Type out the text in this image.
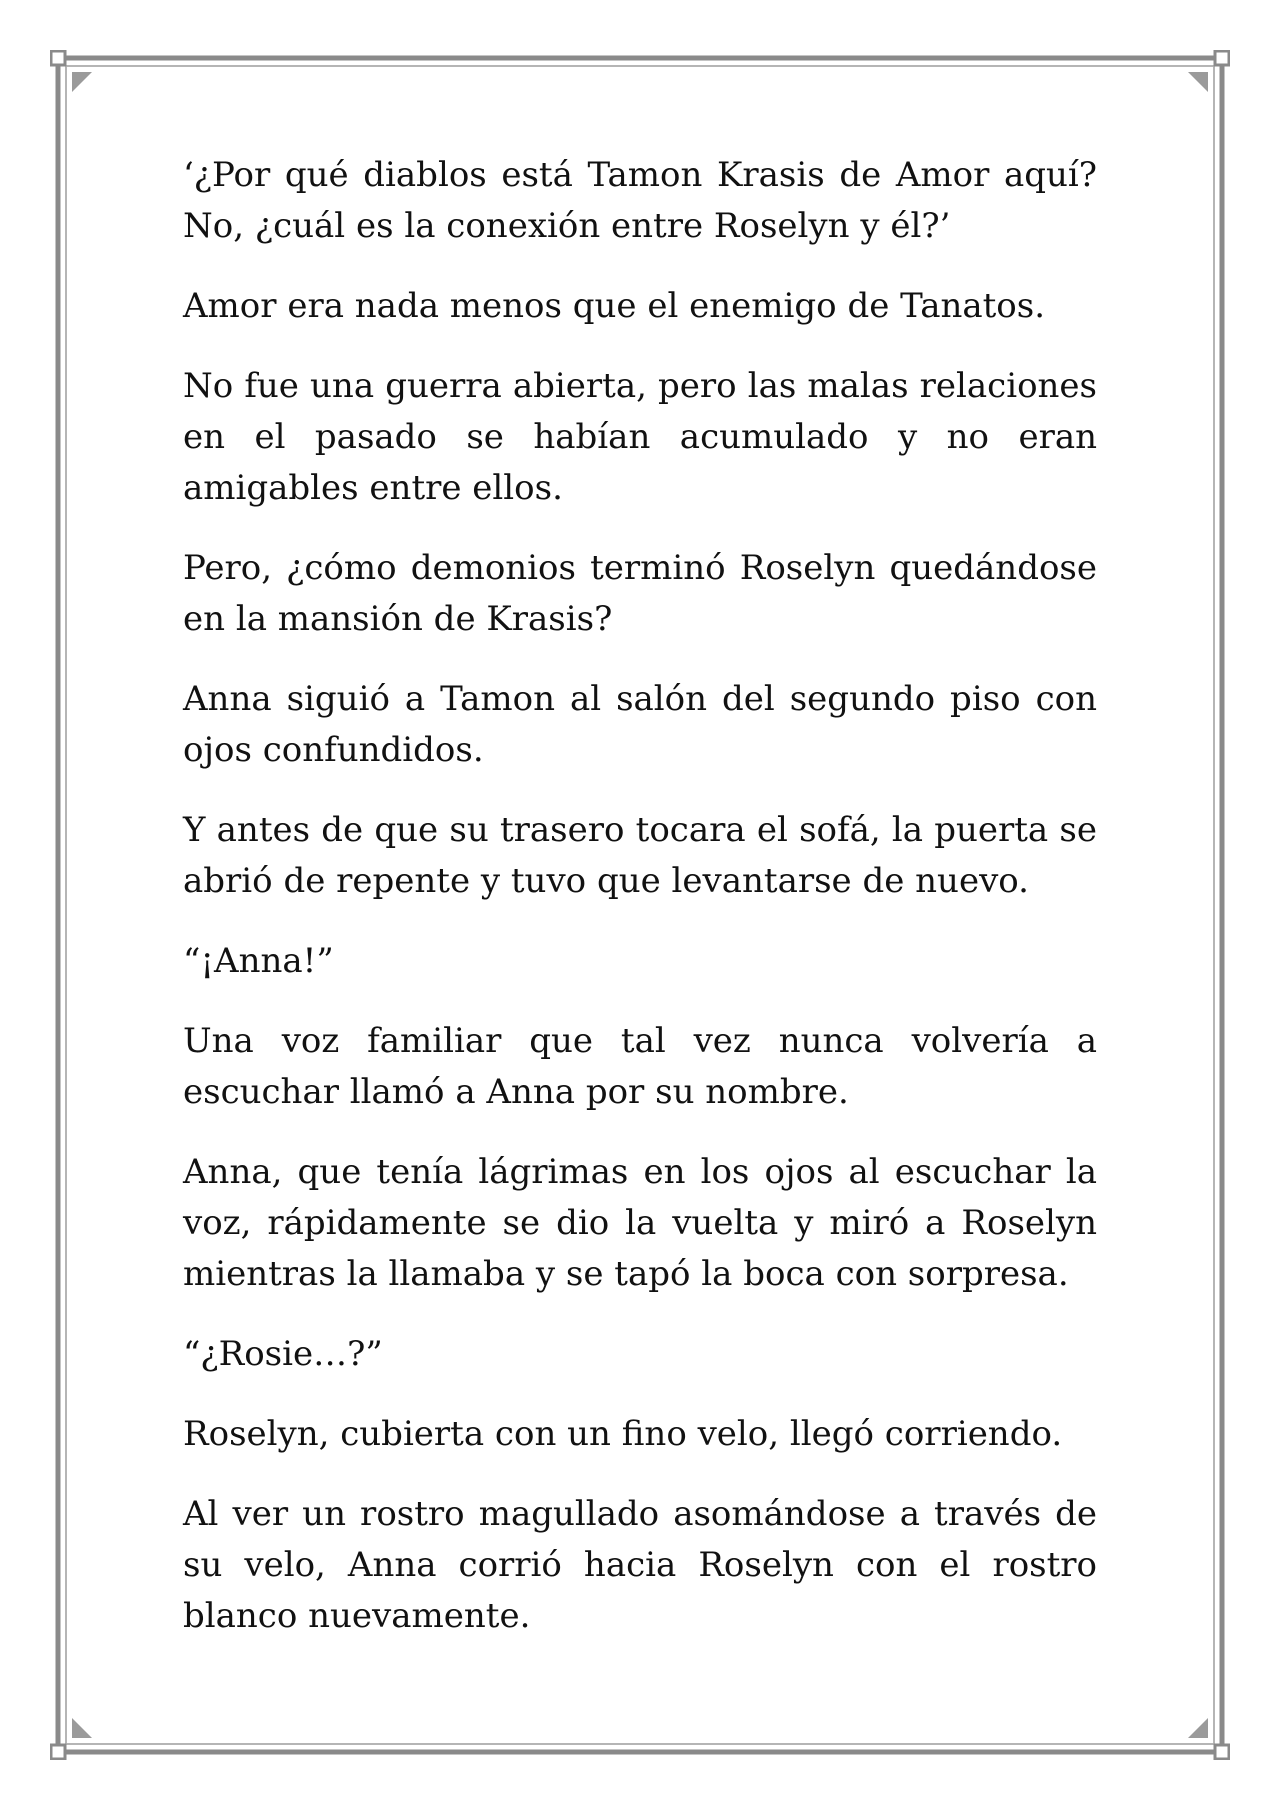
‘¿Por qué diablos está Tamon Krasis de Amor aquí? No, ¿cuál es la conexión entre Roselyn y él?’

Amor era nada menos que el enemigo de Tanatos.

No fue una guerra abierta, pero las malas relaciones en el pasado se habían acumulado y no eran amigables entre ellos.

Pero, ¿cómo demonios terminó Roselyn quedándose en la mansión de Krasis?

Anna siguió a Tamon al salón del segundo piso con ojos confundidos.

Y antes de que su trasero tocara el sofá, la puerta se abrió de repente y tuvo que levantarse de nuevo.

“¡Anna!”

Una voz familiar que tal vez nunca volvería a escuchar llamó a Anna por su nombre.

Anna, que tenía lágrimas en los ojos al escuchar la voz, rápidamente se dio la vuelta y miró a Roselyn mientras la llamaba y se tapó la boca con sorpresa.

“¿Rosie…?”

Roselyn, cubierta con un fino velo, llegó corriendo.

Al ver un rostro magullado asomándose a través de su velo, Anna corrió hacia Roselyn con el rostro blanco nuevamente.
